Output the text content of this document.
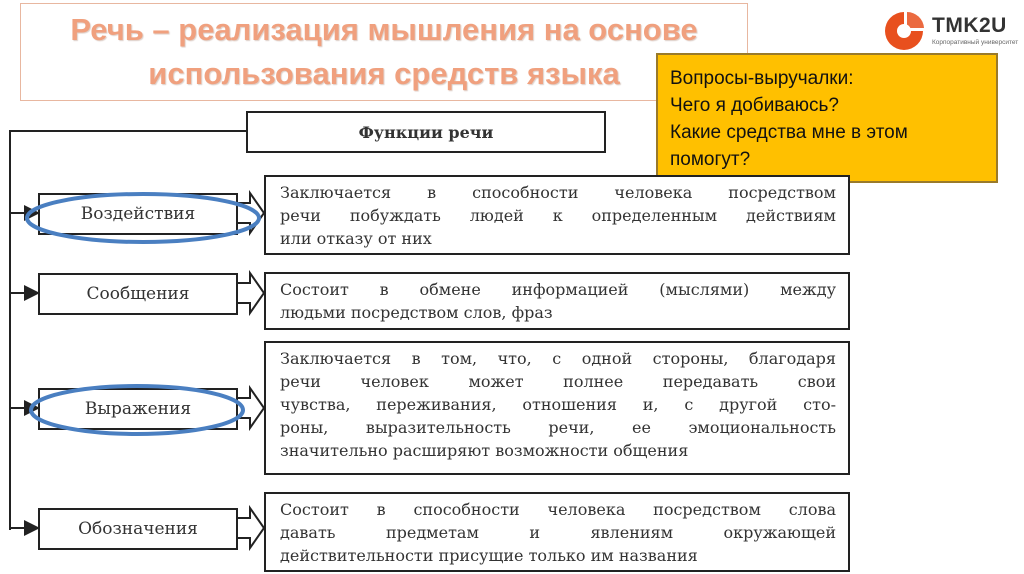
Речь – реализация мышления на основе
использования средств языка
TMK2U
Корпоративный университет
Вопросы-выручалки:
Чего я добиваюсь?
Какие средства мне в этом
помогут?
Функции речи
Воздействия
Сообщения
Выражения
Обозначения
Заключается в способности человека посредством
речи побуждать людей к определенным действиям
или отказу от них
Состоит в обмене информацией (мыслями) между
людьми посредством слов, фраз
Заключается в том, что, с одной стороны, благодаря
речи человек может полнее передавать свои
чувства, переживания, отношения и, с другой сто-
роны, выразительность речи, ее эмоциональность
значительно расширяют возможности общения
Состоит в способности человека посредством слова
давать предметам и явлениям окружающей
действительности присущие только им названия
